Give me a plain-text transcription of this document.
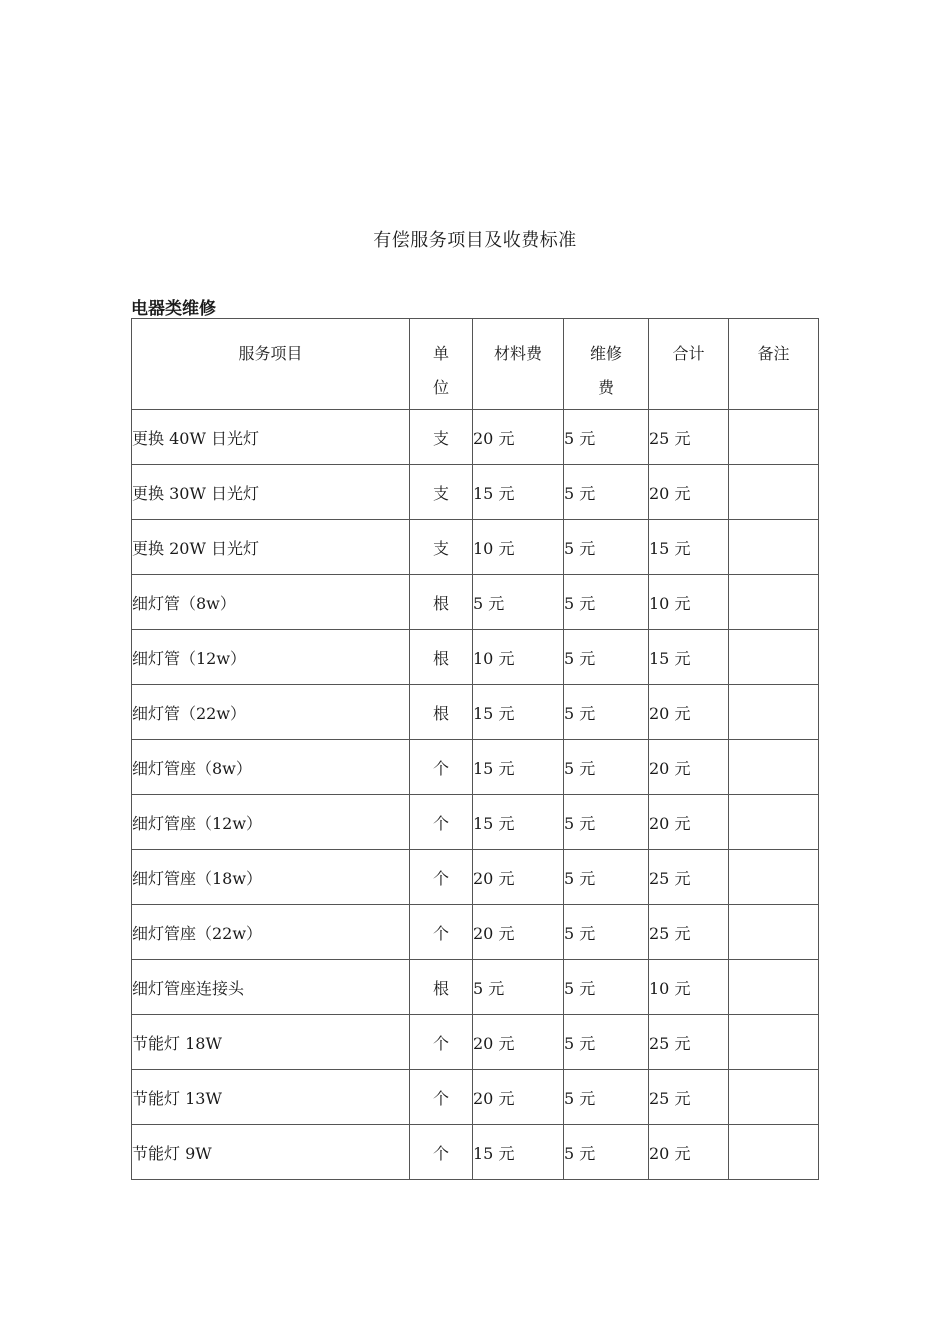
有偿服务项目及收费标准
电器类维修
服务项目	单位	材料费	维修费	合计	备注
更换 40W 日光灯	支	20 元	5 元	25 元	
更换 30W 日光灯	支	15 元	5 元	20 元	
更换 20W 日光灯	支	10 元	5 元	15 元	
细灯管（8w）	根	5 元	5 元	10 元	
细灯管（12w）	根	10 元	5 元	15 元	
细灯管（22w）	根	15 元	5 元	20 元	
细灯管座（8w）	个	15 元	5 元	20 元	
细灯管座（12w）	个	15 元	5 元	20 元	
细灯管座（18w）	个	20 元	5 元	25 元	
细灯管座（22w）	个	20 元	5 元	25 元	
细灯管座连接头	根	5 元	5 元	10 元	
节能灯 18W	个	20 元	5 元	25 元	
节能灯 13W	个	20 元	5 元	25 元	
节能灯 9W	个	15 元	5 元	20 元	
